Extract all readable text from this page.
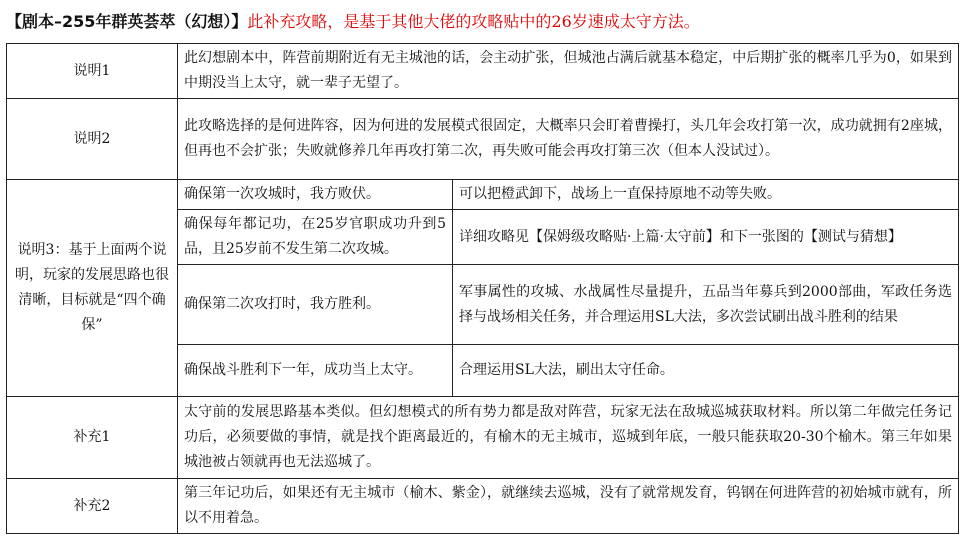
【剧本–255年群英荟萃（幻想）】此补充攻略，是基于其他大佬的攻略贴中的26岁速成太守方法。
说明1	此幻想剧本中，阵营前期附近有无主城池的话，会主动扩张，但城池占满后就基本稳定，中后期扩张的概率几乎为0，如果到中期没当上太守，就一辈子无望了。	
说明2	此攻略选择的是何进阵容，因为何进的发展模式很固定，大概率只会盯着曹操打，头几年会攻打第一次，成功就拥有2座城，但再也不会扩张；失败就修养几年再攻打第二次，再失败可能会再攻打第三次（但本人没试过）。	
说明3：基于上面两个说明，玩家的发展思路也很清晰，目标就是“四个确保”	确保第一次攻城时，我方败伏。	可以把橙武卸下，战场上一直保持原地不动等失败。
	确保每年都记功，在25岁官职成功升到5品，且25岁前不发生第二次攻城。	详细攻略见【保姆级攻略贴·上篇·太守前】和下一张图的【测试与猜想】
	确保第二次攻打时，我方胜利。	军事属性的攻城、水战属性尽量提升，五品当年募兵到2000部曲，军政任务选择与战场相关任务，并合理运用SL大法，多次尝试刷出战斗胜利的结果
	确保战斗胜利下一年，成功当上太守。	合理运用SL大法，刷出太守任命。
补充1	太守前的发展思路基本类似。但幻想模式的所有势力都是敌对阵营，玩家无法在敌城巡城获取材料。所以第二年做完任务记功后，必须要做的事情，就是找个距离最近的，有榆木的无主城市，巡城到年底，一般只能获取20-30个榆木。第三年如果城池被占领就再也无法巡城了。	
补充2	第三年记功后，如果还有无主城市（榆木、紫金），就继续去巡城，没有了就常规发育，钨钢在何进阵营的初始城市就有，所以不用着急。	
